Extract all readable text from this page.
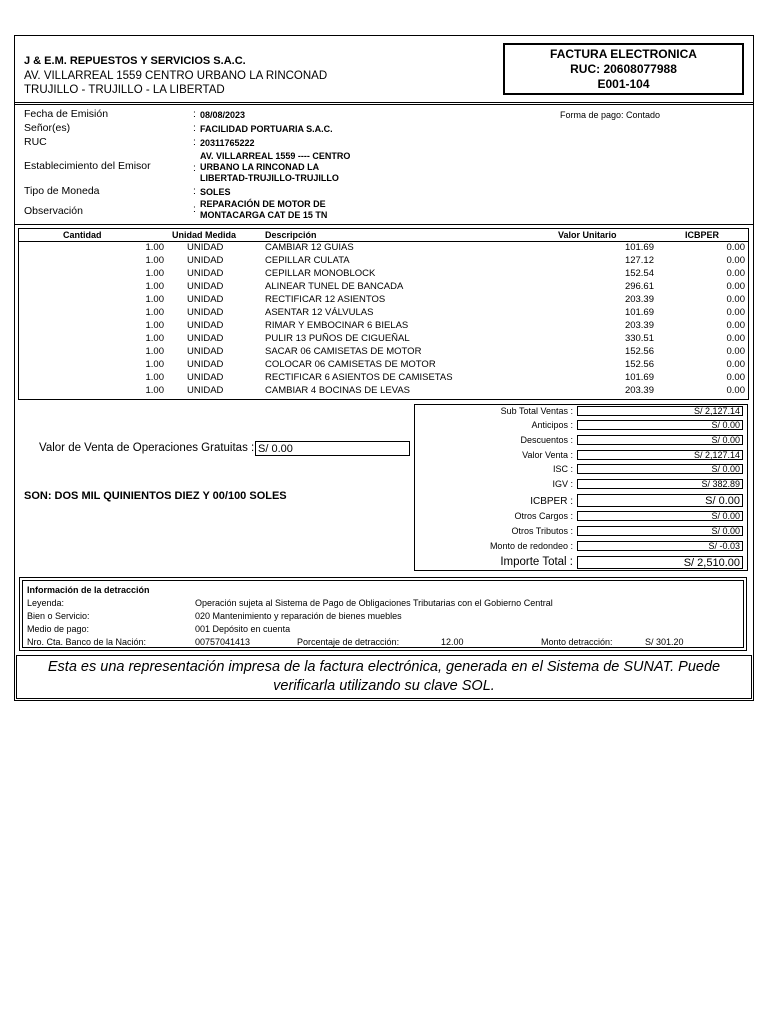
J & E.M. REPUESTOS Y SERVICIOS S.A.C.
AV. VILLARREAL 1559 CENTRO URBANO LA RINCONAD
TRUJILLO - TRUJILLO - LA LIBERTAD
FACTURA ELECTRONICA
RUC: 20608077988
E001-104
Fecha de Emisión	: 08/08/2023	Forma de pago: Contado
Señor(es)	: FACILIDAD PORTUARIA S.A.C.
RUC	: 20311765222
Establecimiento del Emisor	:
AV. VILLARREAL 1559 ---- CENTRO
URBANO LA RINCONAD LA
LIBERTAD-TRUJILLO-TRUJILLO
Tipo de Moneda	: SOLES
Observación	: REPARACIÓN DE MOTOR DE
MONTACARGA CAT DE 15 TN
Cantidad	Unidad Medida	Descripción	Valor Unitario	ICBPER
1.00 UNIDAD	CAMBIAR 12 GUIAS	101.69	0.00
1.00 UNIDAD	CEPILLAR CULATA	127.12	0.00
1.00 UNIDAD	CEPILLAR MONOBLOCK	152.54	0.00
1.00 UNIDAD	ALINEAR TUNEL DE BANCADA	296.61	0.00
1.00 UNIDAD	RECTIFICAR 12 ASIENTOS	203.39	0.00
1.00 UNIDAD	ASENTAR 12 VÁLVULAS	101.69	0.00
1.00 UNIDAD	RIMAR Y EMBOCINAR 6 BIELAS	203.39	0.00
1.00 UNIDAD	PULIR 13 PUÑOS DE CIGUEÑAL	330.51	0.00
1.00 UNIDAD	SACAR 06 CAMISETAS DE MOTOR	152.56	0.00
1.00 UNIDAD	COLOCAR 06 CAMISETAS DE MOTOR	152.56	0.00
1.00 UNIDAD	RECTIFICAR 6 ASIENTOS DE CAMISETAS	101.69	0.00
1.00 UNIDAD	CAMBIAR 4 BOCINAS DE LEVAS	203.39	0.00
Valor de Venta de Operaciones Gratuitas : S/ 0.00
SON: DOS MIL QUINIENTOS DIEZ Y 00/100 SOLES
Sub Total Ventas :	S/ 2,127.14
Anticipos :	S/ 0.00
Descuentos :	S/ 0.00
Valor Venta :	S/ 2,127.14
ISC :	S/ 0.00
IGV :	S/ 382.89
ICBPER :	S/ 0.00
Otros Cargos :	S/ 0.00
Otros Tributos :	S/ 0.00
Monto de redondeo :	S/ -0.03
Importe Total :	S/ 2,510.00
Información de la detracción
Leyenda:	Operación sujeta al Sistema de Pago de Obligaciones Tributarias con el Gobierno Central
Bien o Servicio:	020 Mantenimiento y reparación de bienes muebles
Medio de pago:	001 Depósito en cuenta
Nro. Cta. Banco de la Nación:	00757041413	Porcentaje de detracción:	12.00	Monto detracción:	S/ 301.20
Esta es una representación impresa de la factura electrónica, generada en el Sistema de SUNAT. Puede verificarla utilizando su clave SOL.
